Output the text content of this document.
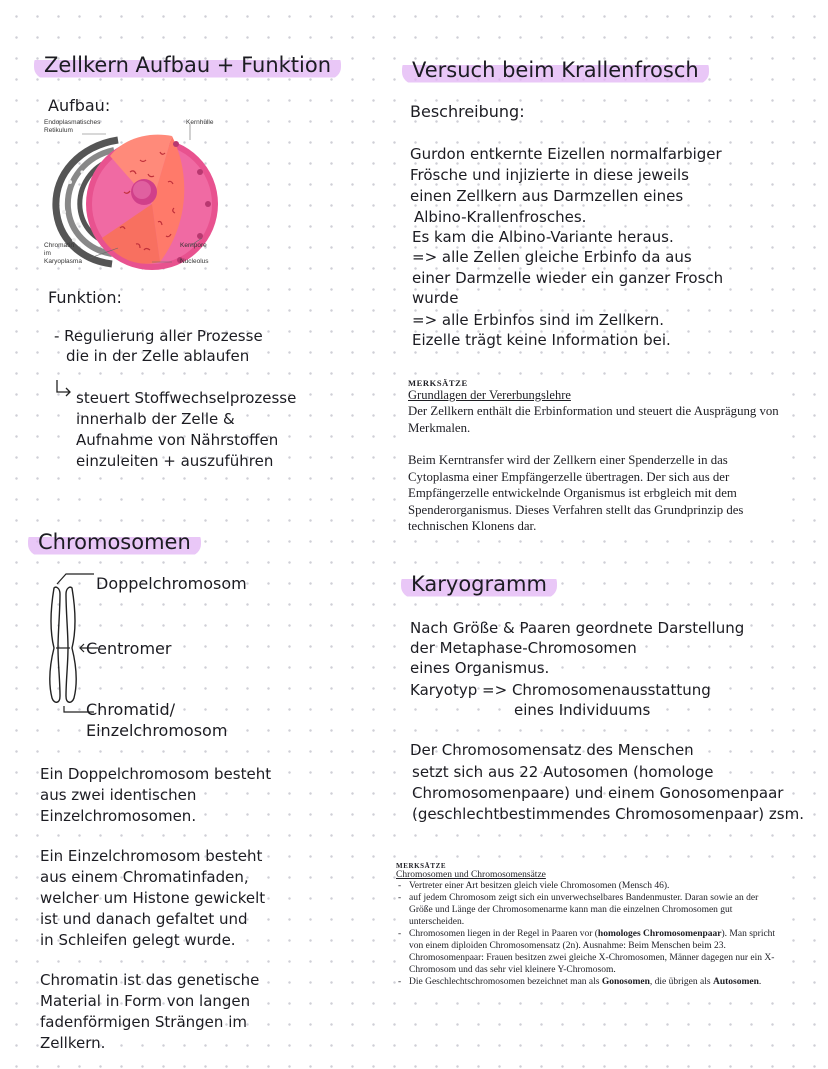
Zellkern Aufbau + Funktion
Aufbau:
Endoplasmatisches
Retikulum
Kernhülle
Chromatin
im
Karyoplasma
Kernpore
Nucleolus
Funktion:
- Regulierung aller Prozesse
die in der Zelle ablaufen
steuert Stoffwechselprozesse
innerhalb der Zelle &
Aufnahme von Nährstoffen
einzuleiten + auszuführen
Chromosomen
Doppelchromosom
Centromer
Chromatid/
Einzelchromosom
Ein Doppelchromosom besteht
aus zwei identischen
Einzelchromosomen.
Ein Einzelchromosom besteht
aus einem Chromatinfaden,
welcher um Histone gewickelt
ist und danach gefaltet und
in Schleifen gelegt wurde.
Chromatin ist das genetische
Material in Form von langen
fadenförmigen Strängen im
Zellkern.
Versuch beim Krallenfrosch
Beschreibung:
Gurdon entkernte Eizellen normalfarbiger
Frösche und injizierte in diese jeweils
einen Zellkern aus Darmzellen eines
Albino-Krallenfrosches.
Es kam die Albino-Variante heraus.
=> alle Zellen gleiche Erbinfo da aus
einer Darmzelle wieder ein ganzer Frosch
wurde
=> alle Erbinfos sind im Zellkern.
Eizelle trägt keine Information bei.
MERKSÄTZE
Grundlagen der Vererbungslehre

Der Zellkern enthält die Erbinformation und steuert die Ausprägung von Merkmalen.

Beim Kerntransfer wird der Zellkern einer Spenderzelle in das Cytoplasma einer Empfängerzelle übertragen. Der sich aus der Empfängerzelle entwickelnde Organismus ist erbgleich mit dem Spenderorganismus. Dieses Verfahren stellt das Grundprinzip des technischen Klonens dar.

Karyogramm
Nach Größe & Paaren geordnete Darstellung
der Metaphase-Chromosomen
eines Organismus.
Karyotyp => Chromosomenausstattung
eines Individuums
Der Chromosomensatz des Menschen
setzt sich aus 22 Autosomen (homologe
Chromosomenpaare) und einem Gonosomenpaar
(geschlechtbestimmendes Chromosomenpaar) zsm.
MERKSÄTZE
Chromosomen und Chromosomensätze
- Vertreter einer Art besitzen gleich viele Chromosomen (Mensch 46).
- auf jedem Chromosom zeigt sich ein unverwechselbares Bandenmuster. Daran sowie an der Größe und Länge der Chromosomenarme kann man die einzelnen Chromosomen gut unterscheiden.
- Chromosomen liegen in der Regel in Paaren vor (homologes Chromosomenpaar). Man spricht von einem diploiden Chromosomensatz (2n). Ausnahme: Beim Menschen beim 23. Chromosomenpaar: Frauen besitzen zwei gleiche X-Chromosomen, Männer dagegen nur ein X-Chromosom und das sehr viel kleinere Y-Chromosom.
- Die Geschlechtschromosomen bezeichnet man als Gonosomen, die übrigen als Autosomen.
